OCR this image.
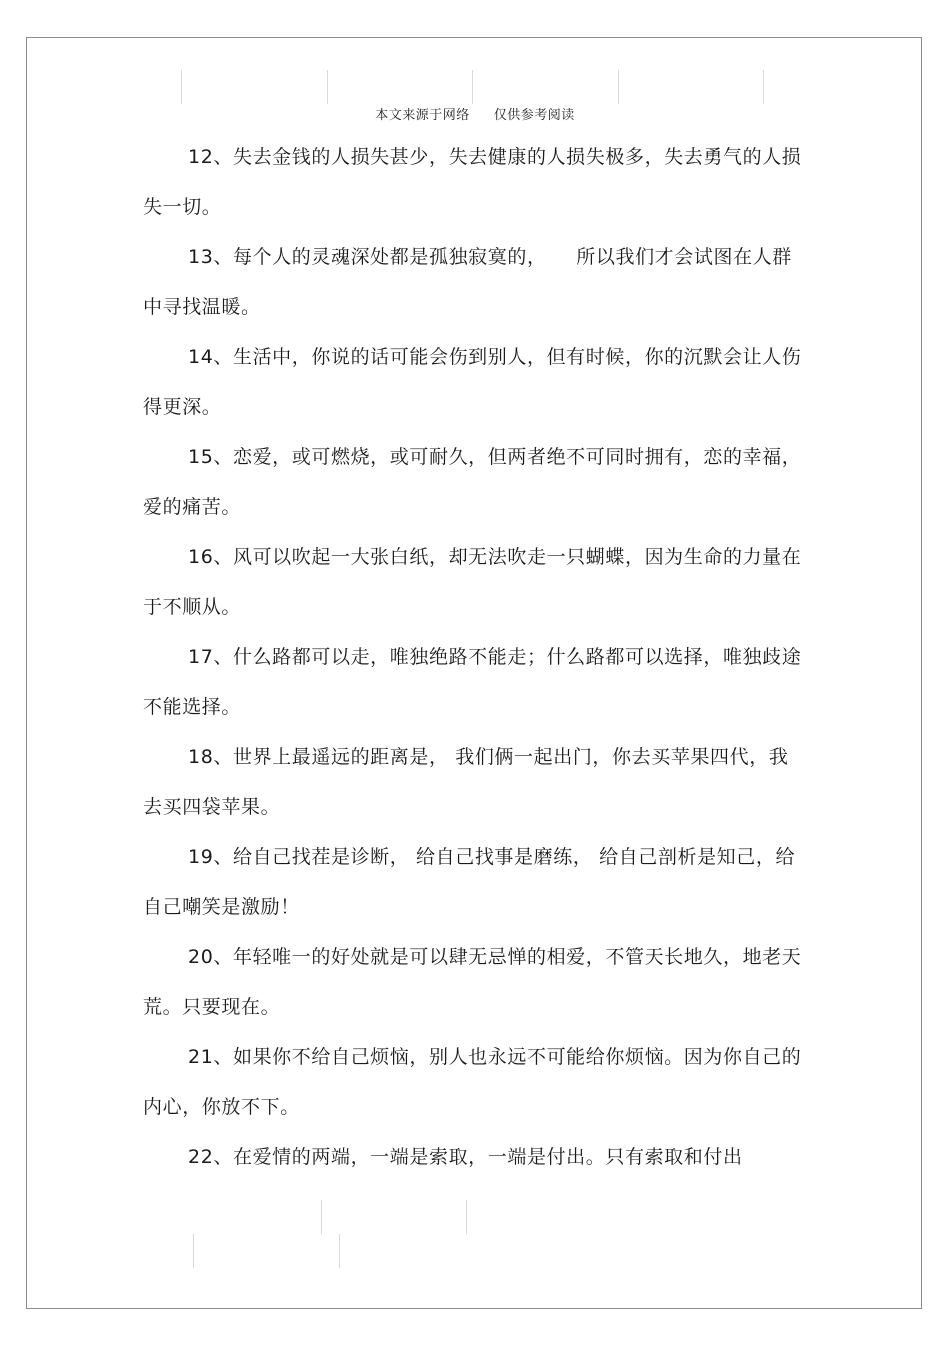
本文来源于网络 仅供参考阅读

12、失去金钱的人损失甚少，失去健康的人损失极多，失去勇气的人损失一切。

13、每个人的灵魂深处都是孤独寂寞的，　　所以我们才会试图在人群中寻找温暖。

14、生活中，你说的话可能会伤到别人，但有时候，你的沉默会让人伤得更深。

15、恋爱，或可燃烧，或可耐久，但两者绝不可同时拥有，恋的幸福，爱的痛苦。

16、风可以吹起一大张白纸，却无法吹走一只蝴蝶，因为生命的力量在于不顺从。

17、什么路都可以走，唯独绝路不能走；什么路都可以选择，唯独歧途不能选择。

18、世界上最遥远的距离是， 我们俩一起出门，你去买苹果四代，我去买四袋苹果。

19、给自己找茬是诊断， 给自己找事是磨练， 给自己剖析是知己，给自己嘲笑是激励！

20、年轻唯一的好处就是可以肆无忌惮的相爱，不管天长地久，地老天荒。只要现在。

21、如果你不给自己烦恼，别人也永远不可能给你烦恼。因为你自己的内心，你放不下。

22、在爱情的两端，一端是索取，一端是付出。只有索取和付出
